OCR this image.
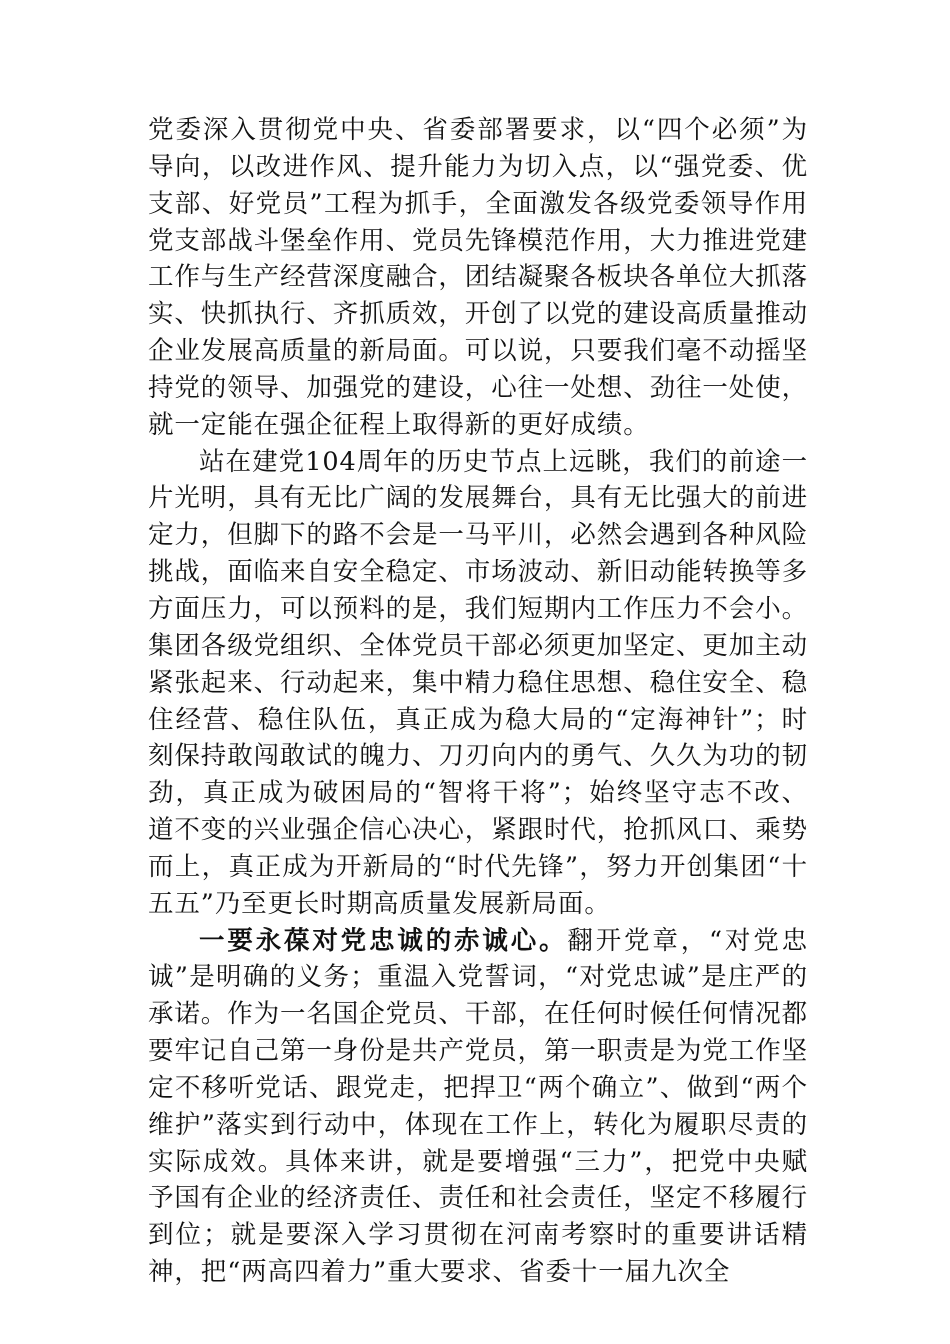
党委深入贯彻党中央、省委部署要求，以“四个必须”为导向，以改进作风、提升能力为切入点，以“强党委、优支部、好党员”工程为抓手，全面激发各级党委领导作用党支部战斗堡垒作用、党员先锋模范作用，大力推进党建工作与生产经营深度融合，团结凝聚各板块各单位大抓落实、快抓执行、齐抓质效，开创了以党的建设高质量推动企业发展高质量的新局面。可以说，只要我们毫不动摇坚持党的领导、加强党的建设，心往一处想、劲往一处使，就一定能在强企征程上取得新的更好成绩。

站在建党104周年的历史节点上远眺，我们的前途一片光明，具有无比广阔的发展舞台，具有无比强大的前进定力，但脚下的路不会是一马平川，必然会遇到各种风险挑战，面临来自安全稳定、市场波动、新旧动能转换等多方面压力，可以预料的是，我们短期内工作压力不会小。集团各级党组织、全体党员干部必须更加坚定、更加主动紧张起来、行动起来，集中精力稳住思想、稳住安全、稳住经营、稳住队伍，真正成为稳大局的“定海神针”；时刻保持敢闯敢试的魄力、刀刃向内的勇气、久久为功的韧劲，真正成为破困局的“智将干将”；始终坚守志不改、道不变的兴业强企信心决心，紧跟时代，抢抓风口、乘势而上，真正成为开新局的“时代先锋”，努力开创集团“十五五”乃至更长时期高质量发展新局面。

一要永葆对党忠诚的赤诚心。翻开党章，“对党忠诚”是明确的义务；重温入党誓词，“对党忠诚”是庄严的承诺。作为一名国企党员、干部，在任何时候任何情况都要牢记自己第一身份是共产党员，第一职责是为党工作坚定不移听党话、跟党走，把捍卫“两个确立”、做到“两个维护”落实到行动中，体现在工作上，转化为履职尽责的实际成效。具体来讲，就是要增强“三力”，把党中央赋予国有企业的经济责任、责任和社会责任，坚定不移履行到位；就是要深入学习贯彻在河南考察时的重要讲话精神，把“两高四着力”重大要求、省委十一届九次全
